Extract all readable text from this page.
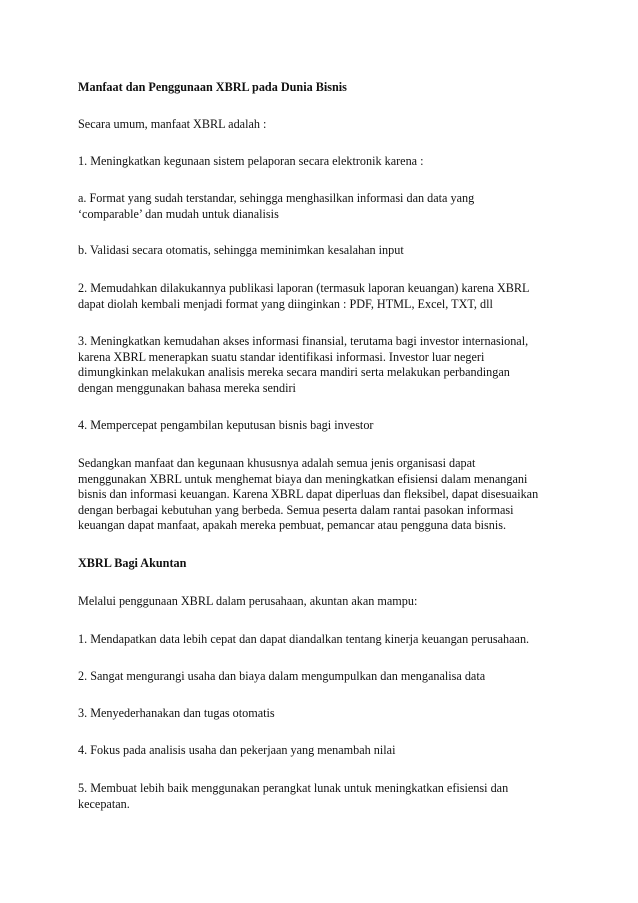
Manfaat dan Penggunaan XBRL pada Dunia Bisnis

Secara umum, manfaat XBRL adalah :

1. Meningkatkan kegunaan sistem pelaporan secara elektronik karena :

a. Format yang sudah terstandar, sehingga menghasilkan informasi dan data yang
‘comparable’ dan mudah untuk dianalisis

b. Validasi secara otomatis, sehingga meminimkan kesalahan input

2. Memudahkan dilakukannya publikasi laporan (termasuk laporan keuangan) karena XBRL
dapat diolah kembali menjadi format yang diinginkan : PDF, HTML, Excel, TXT, dll

3. Meningkatkan kemudahan akses informasi finansial, terutama bagi investor internasional,
karena XBRL menerapkan suatu standar identifikasi informasi. Investor luar negeri
dimungkinkan melakukan analisis mereka secara mandiri serta melakukan perbandingan
dengan menggunakan bahasa mereka sendiri

4. Mempercepat pengambilan keputusan bisnis bagi investor

Sedangkan manfaat dan kegunaan khususnya adalah semua jenis organisasi dapat
menggunakan XBRL untuk menghemat biaya dan meningkatkan efisiensi dalam menangani
bisnis dan informasi keuangan. Karena XBRL dapat diperluas dan fleksibel, dapat disesuaikan
dengan berbagai kebutuhan yang berbeda. Semua peserta dalam rantai pasokan informasi
keuangan dapat manfaat, apakah mereka pembuat, pemancar atau pengguna data bisnis.

XBRL Bagi Akuntan

Melalui penggunaan XBRL dalam perusahaan, akuntan akan mampu:

1. Mendapatkan data lebih cepat dan dapat diandalkan tentang kinerja keuangan perusahaan.

2. Sangat mengurangi usaha dan biaya dalam mengumpulkan dan menganalisa data

3. Menyederhanakan dan tugas otomatis

4. Fokus pada analisis usaha dan pekerjaan yang menambah nilai

5. Membuat lebih baik menggunakan perangkat lunak untuk meningkatkan efisiensi dan
kecepatan.
